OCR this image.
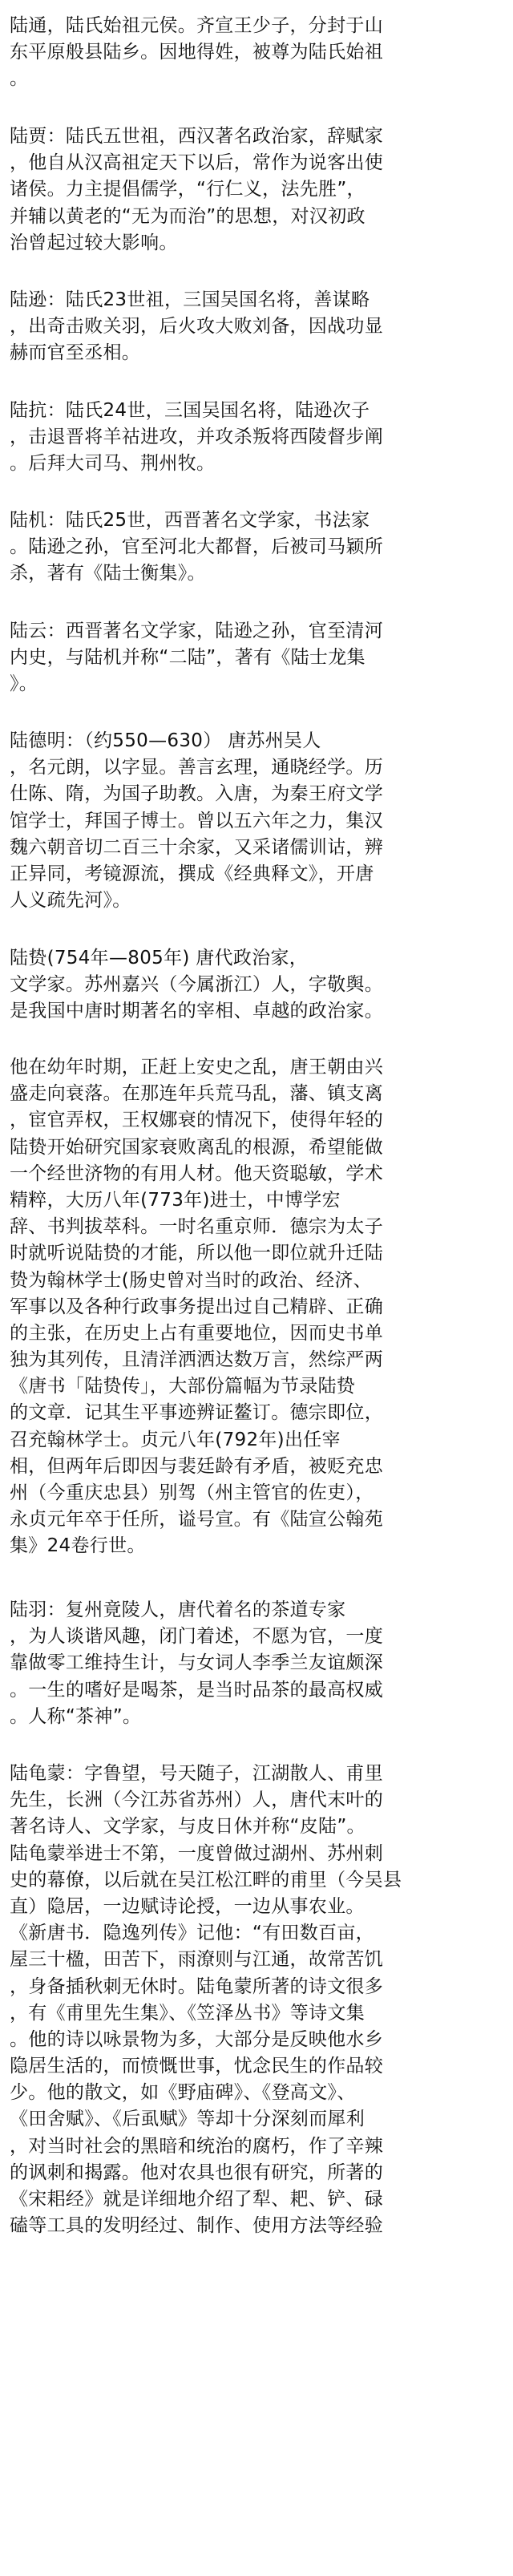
陆通，陆氏始祖元侯。齐宣王少子，分封于山
东平原般县陆乡。因地得姓，被尊为陆氏始祖
。
陆贾：陆氏五世祖，西汉著名政治家，辞赋家
，他自从汉高祖定天下以后，常作为说客出使
诸侯。力主提倡儒学，“行仁义，法先胜”，
并辅以黄老的“无为而治”的思想，对汉初政
治曾起过较大影响。
陆逊：陆氏23世祖，三国吴国名将，善谋略
，出奇击败关羽，后火攻大败刘备，因战功显
赫而官至丞相。
陆抗：陆氏24世，三国吴国名将，陆逊次子
，击退晋将羊祜进攻，并攻杀叛将西陵督步阐
。后拜大司马、荆州牧。
陆机：陆氏25世，西晋著名文学家，书法家
。陆逊之孙，官至河北大都督，后被司马颖所
杀，著有《陆士衡集》。
陆云：西晋著名文学家，陆逊之孙，官至清河
内史，与陆机并称“二陆”，著有《陆士龙集
》。
陆德明：（约550—630） 唐苏州吴人
，名元朗，以字显。善言玄理，通晓经学。历
仕陈、隋，为国子助教。入唐，为秦王府文学
馆学士，拜国子博士。曾以五六年之力，集汉
魏六朝音切二百三十余家，又采诸儒训诂，辨
正异同，考镜源流，撰成《经典释文》，开唐
人义疏先河》。
陆贽(754年—805年) 唐代政治家，
文学家。苏州嘉兴（今属浙江）人，字敬舆。
是我国中唐时期著名的宰相、卓越的政治家。
他在幼年时期，正赶上安史之乱，唐王朝由兴
盛走向衰落。在那连年兵荒马乱，藩、镇支离
，宦官弄权，王权娜衰的情况下，使得年轻的
陆贽开始研究国家衰败离乱的根源，希望能做
一个经世济物的有用人材。他天资聪敏，学术
精粹，大历八年(773年)进士，中博学宏
辞、书判拔萃科。一时名重京师．德宗为太子
时就听说陆贽的才能，所以他一即位就升迁陆
贽为翰林学士(肠史曾对当时的政治、经济、
军事以及各种行政事务提出过自己精辟、正确
的主张，在历史上占有重要地位，因而史书单
独为其列传，且清洋洒洒达数万言，然综严两
《唐书「陆贽传」，大部份篇幅为节录陆贽
的文章．记其生平事迹辨证鳌订。德宗即位，
召充翰林学士。贞元八年(792年)出任宰
相，但两年后即因与裴廷龄有矛盾，被贬充忠
州（今重庆忠县）别驾（州主管官的佐吏），
永贞元年卒于任所，谥号宣。有《陆宣公翰苑
集》24卷行世。
陆羽：复州竟陵人，唐代着名的茶道专家
，为人谈谐风趣，闭门着述，不愿为官，一度
靠做零工维持生计，与女词人李季兰友谊颇深
。一生的嗜好是喝茶，是当时品茶的最高权威
。人称“茶神”。
陆龟蒙：字鲁望，号天随子，江湖散人、甫里
先生，长洲（今江苏省苏州）人，唐代末叶的
著名诗人、文学家，与皮日休并称“皮陆”。
陆龟蒙举进士不第，一度曾做过湖州、苏州刺
史的幕僚，以后就在吴江松江畔的甫里（今吴县
直）隐居，一边赋诗论授，一边从事农业。
《新唐书．隐逸列传》记他：“有田数百亩，
屋三十楹，田苦下，雨潦则与江通，故常苦饥
，身备插秋刺无休时。陆龟蒙所著的诗文很多
，有《甫里先生集》、《笠泽丛书》等诗文集
。他的诗以咏景物为多，大部分是反映他水乡
隐居生活的，而愤慨世事，忧念民生的作品较
少。他的散文，如《野庙碑》、《登高文》、
《田舍赋》、《后虱赋》等却十分深刻而犀利
，对当时社会的黑暗和统治的腐朽，作了辛辣
的讽刺和揭露。他对农具也很有研究，所著的
《宋耜经》就是详细地介绍了犁、耙、铲、碌
磕等工具的发明经过、制作、使用方法等经验
